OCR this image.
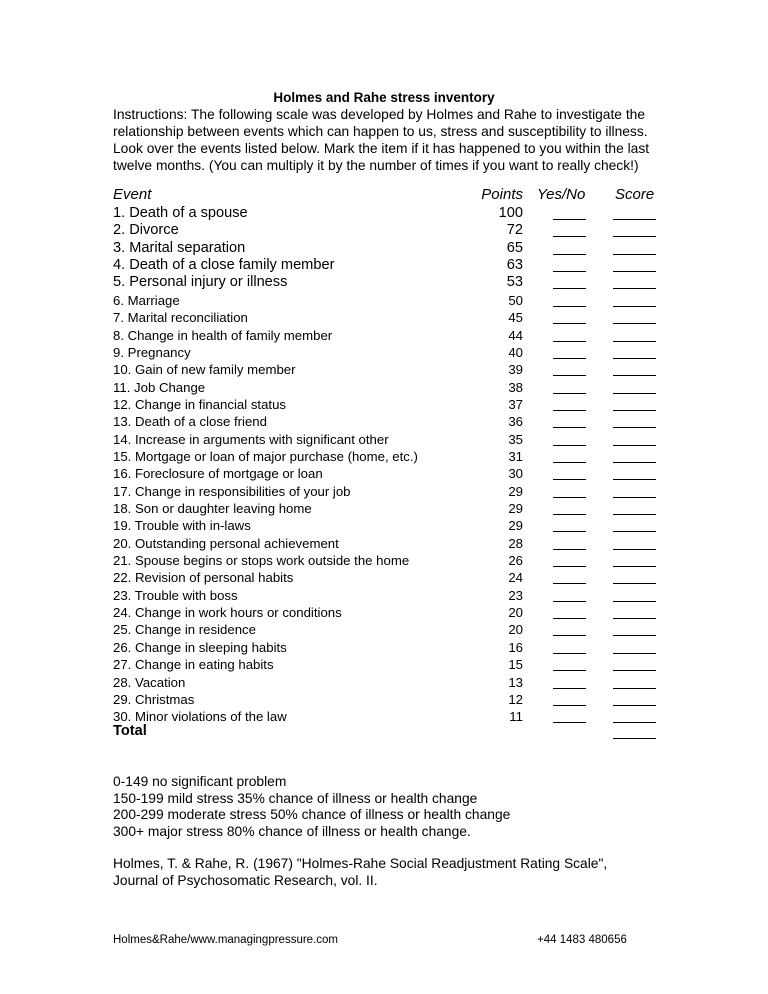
Holmes and Rahe stress inventory
Instructions: The following scale was developed by Holmes and Rahe to investigate the relationship between events which can happen to us, stress and susceptibility to illness. Look over the events listed below. Mark the item if it has happened to you within the last twelve months. (You can multiply it by the number of times if you want to really check!)
Event	Points Yes/No Score
1. Death of a spouse	100
2. Divorce	72
3. Marital separation	65
4. Death of a close family member	63
5. Personal injury or illness	53
6. Marriage	50
7. Marital reconciliation	45
8. Change in health of family member	44
9. Pregnancy	40
10. Gain of new family member	39
11. Job Change	38
12. Change in financial status	37
13. Death of a close friend	36
14. Increase in arguments with significant other	35
15. Mortgage or loan of major purchase (home, etc.)	31
16. Foreclosure of mortgage or loan	30
17. Change in responsibilities of your job	29
18. Son or daughter leaving home	29
19. Trouble with in-laws	29
20. Outstanding personal achievement	28
21. Spouse begins or stops work outside the home	26
22. Revision of personal habits	24
23. Trouble with boss	23
24. Change in work hours or conditions	20
25. Change in residence	20
26. Change in sleeping habits	16
27. Change in eating habits	15
28. Vacation	13
29. Christmas	12
30. Minor violations of the law	11
Total
0-149 no significant problem
150-199 mild stress 35% chance of illness or health change
200-299 moderate stress 50% chance of illness or health change
300+ major stress 80% chance of illness or health change.
Holmes, T. & Rahe, R. (1967) "Holmes-Rahe Social Readjustment Rating Scale",
Journal of Psychosomatic Research, vol. II.
Holmes&Rahe/www.managingpressure.com	+44 1483 480656
